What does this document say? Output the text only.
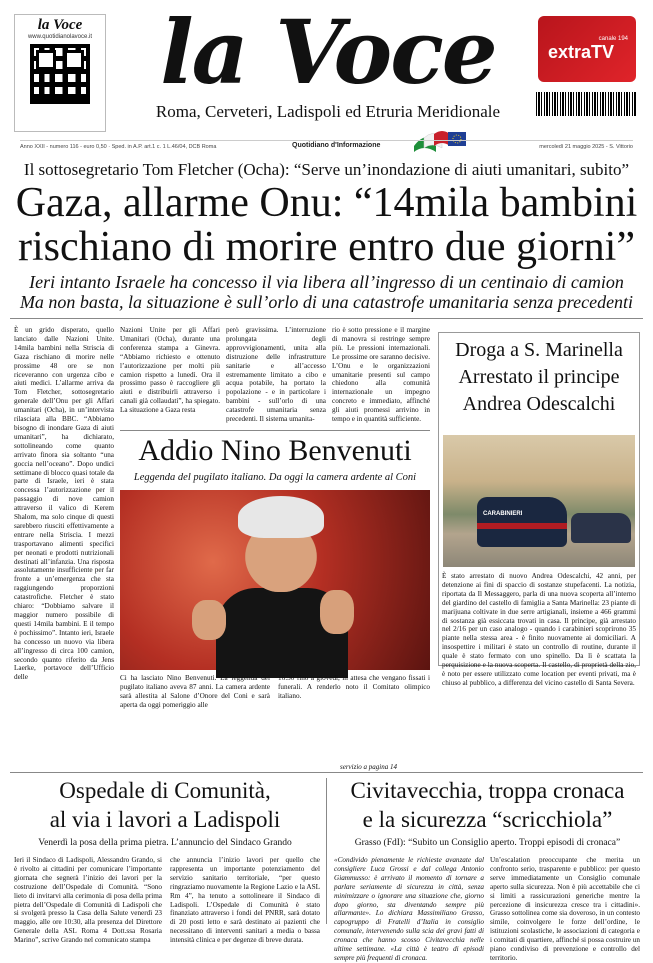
la Voce
www.quotidianolavoce.it la Voce
Roma, Cerveteri, Ladispoli ed Etruria Meridionale
canale 194
extraTV
Anno XXII - numero 116 - euro 0,50 · Sped. in A.P. art.1 c. 1 L.46/04, DCB Roma	Quotidiano d'Informazione	mercoledì 21 maggio 2025 - S. Vittorio
Il sottosegretario Tom Fletcher (Ocha): “Serve un’inondazione di aiuti umanitari, subito”
Gaza, allarme Onu: “14mila bambini
rischiano di morire entro due giorni”
Ieri intanto Israele ha concesso il via libera all’ingresso di un centinaio di camion
Ma non basta, la situazione è sull’orlo di una catastrofe umanitaria senza precedenti
È un grido disperato, quello lanciato dalle Nazioni Unite. 14mila bambini nella Striscia di Gaza rischiano di morire nelle prossime 48 ore se non riceveranno con urgenza cibo e aiuti medici. L’allarme arriva da Tom Fletcher, sottosegretario generale dell’Onu per gli Affari umanitari (Ocha), in un’intervista rilasciata alla BBC. “Abbiamo bisogno di inondare Gaza di aiuti umanitari”, ha dichiarato, sottolineando come quanto arrivato finora sia soltanto “una goccia nell’oceano”. Dopo undici settimane di blocco quasi totale da parte di Israele, ieri è stata concessa l’autorizzazione per il passaggio di nove camion attraverso il valico di Kerem Shalom, ma solo cinque di questi sarebbero riusciti effettivamente a entrare nella Striscia. I mezzi trasportavano alimenti specifici per neonati e prodotti nutrizionali destinati all’infanzia. Una risposta assolutamente insufficiente per far fronte a un’emergenza che sta raggiungendo proporzioni catastrofiche. Fletcher è stato chiaro: “Dobbiamo salvare il maggior numero possibile di questi 14mila bambini. E il tempo è pochissimo”. Intanto ieri, Israele ha concesso un nuovo via libera all’ingresso di circa 100 camion, secondo quanto riferito da Jens Laerke, portavoce dell’Ufficio delle
Nazioni Unite per gli Affari Umanitari (Ocha), durante una conferenza stampa a Ginevra. “Abbiamo richiesto e ottenuto l’autorizzazione per molti più camion rispetto a lunedì. Ora il prossimo passo è raccogliere gli aiuti e distribuirli attraverso i canali già collaudati”, ha spiegato. La situazione a Gaza resta
però gravissima. L’interruzione prolungata degli approvvigionamenti, unita alla distruzione delle infrastrutture sanitarie e all’accesso estremamente limitato a cibo e acqua potabile, ha portato la popolazione - e in particolare i bambini - sull’orlo di una catastrofe umanitaria senza precedenti. Il sistema umanita-
rio è sotto pressione e il margine di manovra si restringe sempre più. Le pressioni internazionali. Le prossime ore saranno decisive. L’Onu e le organizzazioni umanitarie presenti sul campo chiedono alla comunità internazionale un impegno concreto e immediato, affinché gli aiuti promessi arrivino in tempo e in quantità sufficiente.
Droga a S. Marinella
Arrestato il principe
Andrea Odescalchi
CARABINIERI
È stato arrestato di nuovo Andrea Odescalchi, 42 anni, per detenzione ai fini di spaccio di sostanze stupefacenti. La notizia, riportata da Il Messaggero, parla di una nuova scoperta all’interno del giardino del castello di famiglia a Santa Marinella: 23 piante di marijuana coltivate in due serre artigianali, insieme a 466 grammi di sostanza già essiccata trovati in casa. Il principe, già arrestato nel 2/16 per un caso analogo - quando i carabinieri scoprirono 35 piante nella stessa area - è finito nuovamente ai domiciliari. A insospettire i militari è stato un controllo di routine, durante il quale è stato fermato con uno spinello. Da lì è scattata la perquisizione e la nuova scoperta. Il castello, di proprietà della zio, è noto per essere utilizzato come location per eventi privati, ma è chiuso al pubblico, a differenza del vicino castello di Santa Severa.
Addio Nino Benvenuti
Leggenda del pugilato italiano. Da oggi la camera ardente al Coni
Ci ha lasciato Nino Benvenuti. La leggenda del pugilato italiano aveva 87 anni. La camera ardente sarà allestita al Salone d’Onore del Coni e sarà aperta da oggi pomeriggio alle
16:30 fino a giovedì, in attesa che vengano fissati i funerali. A renderlo noto il Comitato olimpico italiano.
servizio a pagina 14
Ospedale di Comunità,
al via i lavori a Ladispoli
Venerdì la posa della prima pietra. L’annuncio del Sindaco Grando
Ieri il Sindaco di Ladispoli, Alessandro Grando, si è rivolto ai cittadini per comunicare l’importante giornata che segnerà l’inizio dei lavori per la costruzione dell’Ospedale di Comunità. “Sono lieto di invitarvi alla cerimonia di posa della prima pietra dell’Ospedale di Comunità di Ladispoli che si svolgerà presso la Casa della Salute venerdì 23 maggio, alle ore 10:30, alla presenza del Direttore Generale della ASL Roma 4 Dott.ssa Rosaria Marino”, scrive Grando nel comunicato stampa
che annuncia l’inizio lavori per quello che rappresenta un importante potenziamento del servizio sanitario territoriale, “per questo ringraziamo nuovamente la Regione Lazio e la ASL Rm 4”, ha tenuto a sottolineare il Sindaco di Ladispoli. L’Ospedale di Comunità è stato finanziato attraverso i fondi del PNRR, sarà dotato di 20 posti letto e sarà destinato ai pazienti che necessitano di interventi sanitari a media o bassa intensità clinica e per degenze di breve durata.
Civitavecchia, troppa cronaca
e la sicurezza “scricchiola”
Grasso (FdI): “Subito un Consiglio aperto. Troppi episodi di cronaca”
«Condivido pienamente le richieste avanzate dal consigliere Luca Grossi e dal collega Antonio Giammusso: è arrivato il momento di tornare a parlare seriamente di sicurezza in città, senza minimizzare o ignorare una situazione che, giorno dopo giorno, sta diventando sempre più allarmante». Lo dichiara Massimiliano Grasso, capogruppo di Fratelli d’Italia in consiglio comunale, intervenendo sulla scia dei gravi fatti di cronaca che hanno scosso Civitavecchia nelle ultime settimane. «La città è teatro di episodi sempre più frequenti di cronaca.
Un’escalation preoccupante che merita un confronto serio, trasparente e pubblico: per questo serve immediatamente un Consiglio comunale aperto sulla sicurezza. Non è più accettabile che ci si limiti a rassicurazioni generiche mentre la percezione di insicurezza cresce tra i cittadini». Grasso sottolinea come sia doveroso, in un contesto simile, coinvolgere le forze dell’ordine, le istituzioni scolastiche, le associazioni di categoria e i comitati di quartiere, affinché si possa costruire un piano condiviso di prevenzione e controllo del territorio.
